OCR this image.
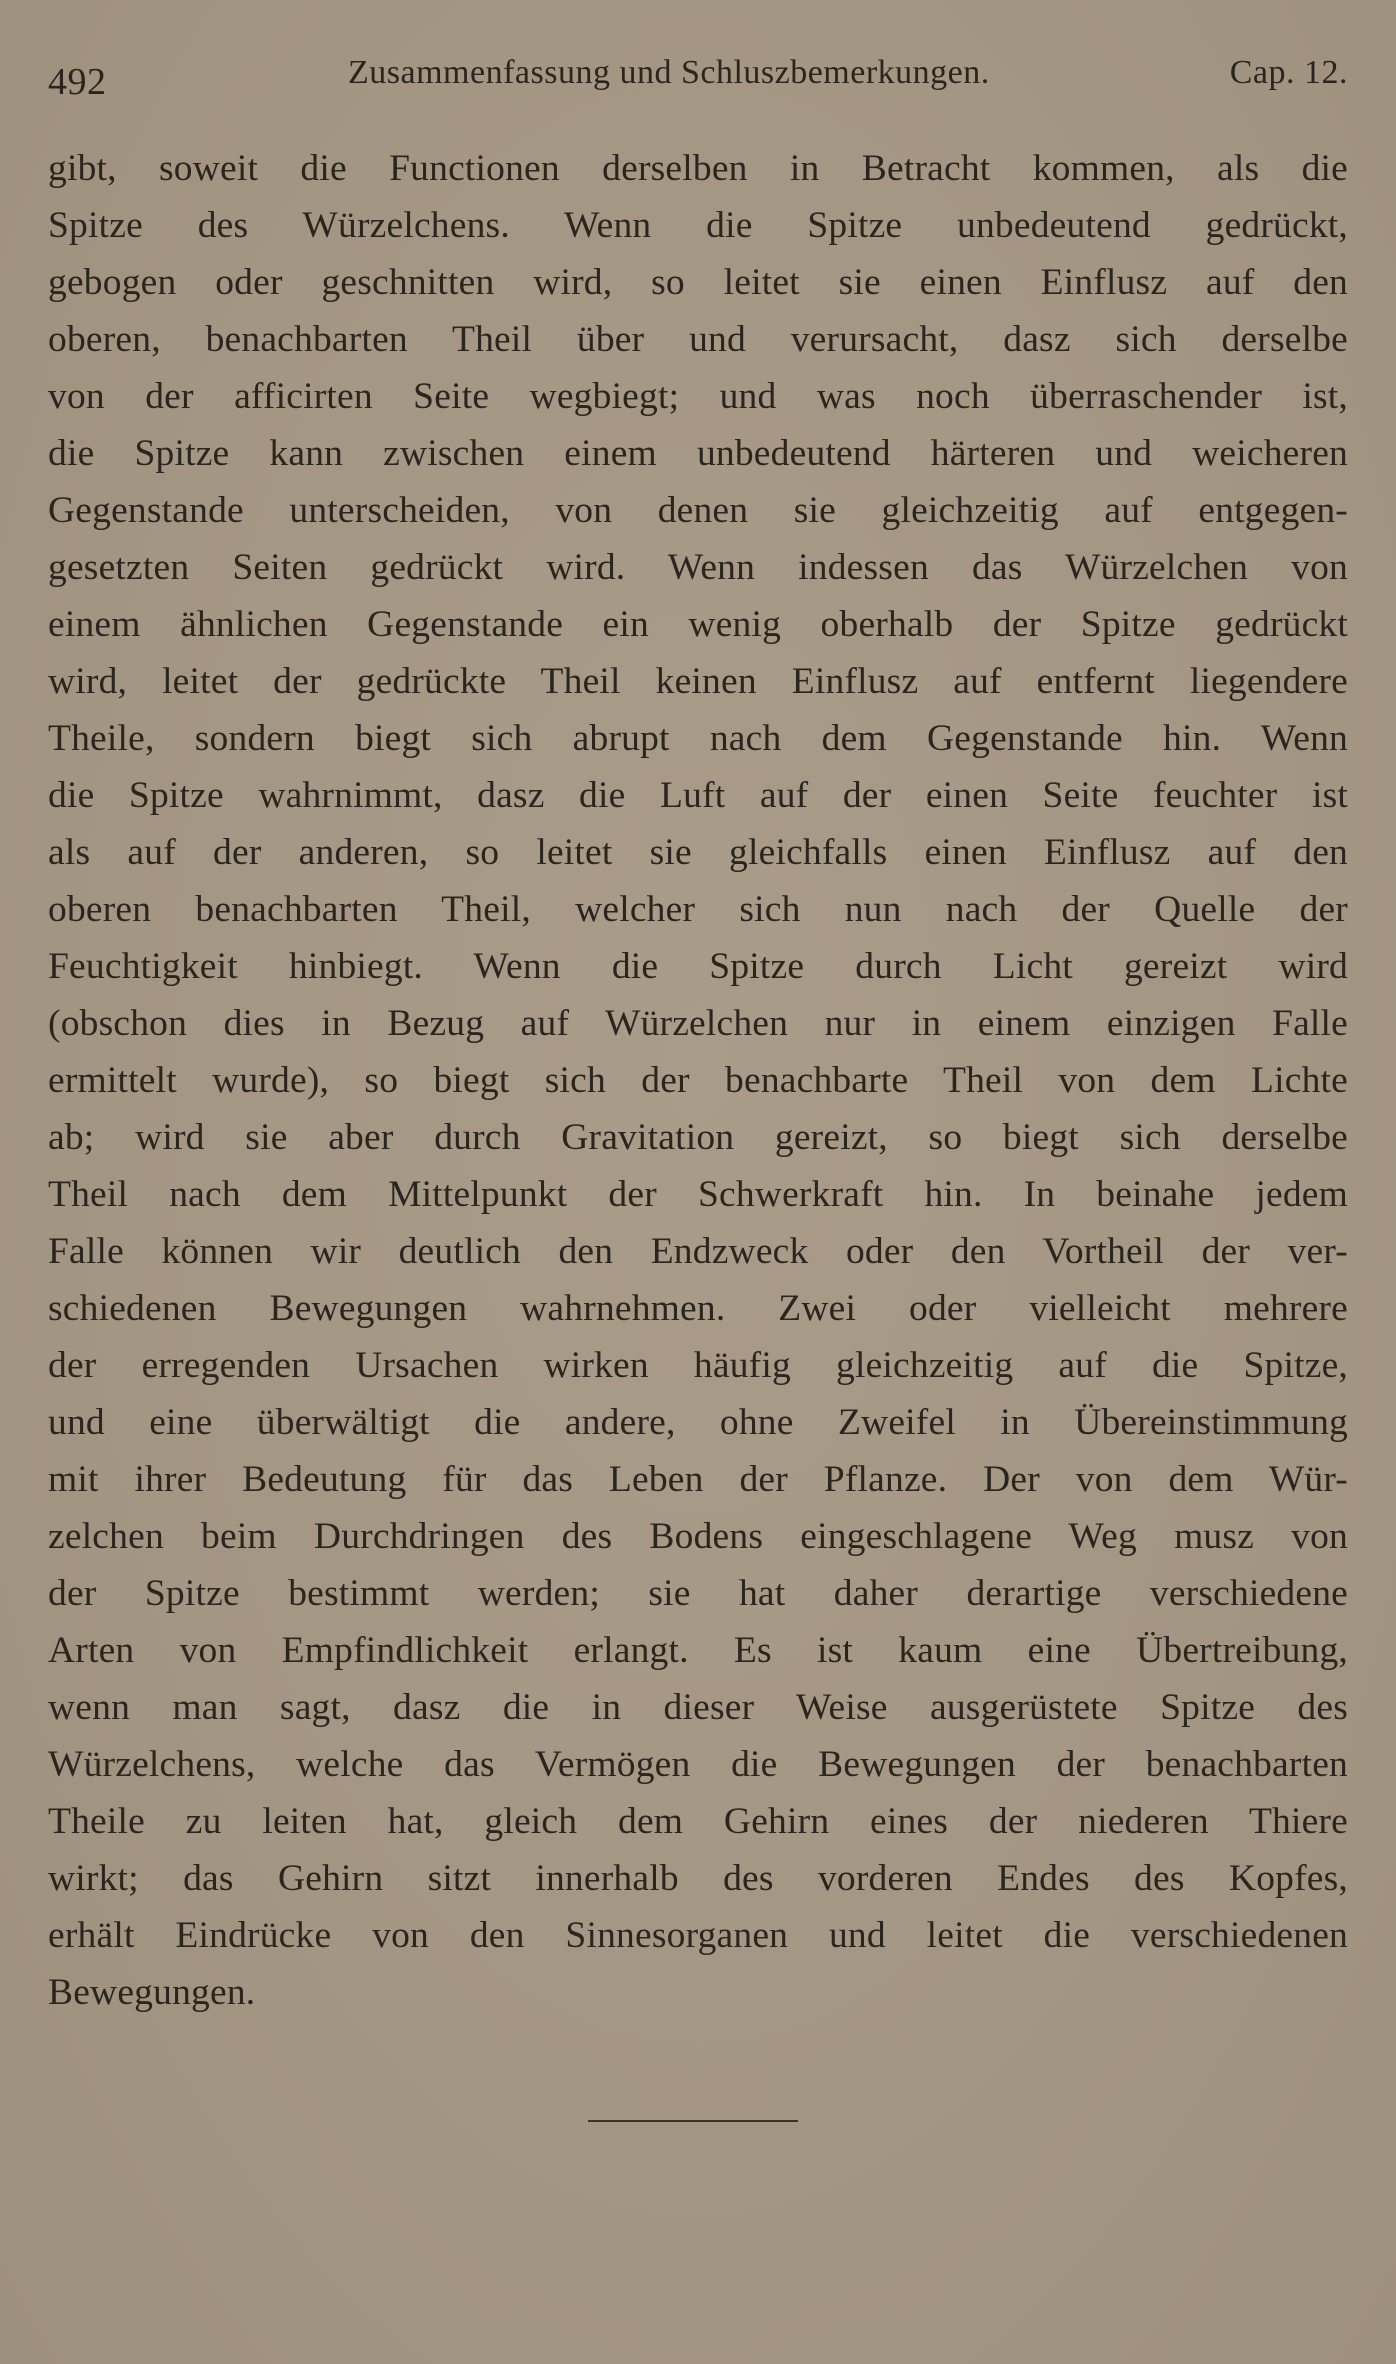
492	Zusammenfassung und Schluszbemerkungen.	Cap. 12.
gibt, soweit die Functionen derselben in Betracht kommen, als die
Spitze des Würzelchens. Wenn die Spitze unbedeutend gedrückt,
gebogen oder geschnitten wird, so leitet sie einen Einflusz auf den
oberen, benachbarten Theil über und verursacht, dasz sich derselbe
von der afficirten Seite wegbiegt; und was noch überraschender ist,
die Spitze kann zwischen einem unbedeutend härteren und weicheren
Gegenstande unterscheiden, von denen sie gleichzeitig auf entgegen-
gesetzten Seiten gedrückt wird. Wenn indessen das Würzelchen von
einem ähnlichen Gegenstande ein wenig oberhalb der Spitze gedrückt
wird, leitet der gedrückte Theil keinen Einflusz auf entfernt liegendere
Theile, sondern biegt sich abrupt nach dem Gegenstande hin. Wenn
die Spitze wahrnimmt, dasz die Luft auf der einen Seite feuchter ist
als auf der anderen, so leitet sie gleichfalls einen Einflusz auf den
oberen benachbarten Theil, welcher sich nun nach der Quelle der
Feuchtigkeit hinbiegt. Wenn die Spitze durch Licht gereizt wird
(obschon dies in Bezug auf Würzelchen nur in einem einzigen Falle
ermittelt wurde), so biegt sich der benachbarte Theil von dem Lichte
ab; wird sie aber durch Gravitation gereizt, so biegt sich derselbe
Theil nach dem Mittelpunkt der Schwerkraft hin. In beinahe jedem
Falle können wir deutlich den Endzweck oder den Vortheil der ver-
schiedenen Bewegungen wahrnehmen. Zwei oder vielleicht mehrere
der erregenden Ursachen wirken häufig gleichzeitig auf die Spitze,
und eine überwältigt die andere, ohne Zweifel in Übereinstimmung
mit ihrer Bedeutung für das Leben der Pflanze. Der von dem Wür-
zelchen beim Durchdringen des Bodens eingeschlagene Weg musz von
der Spitze bestimmt werden; sie hat daher derartige verschiedene
Arten von Empfindlichkeit erlangt. Es ist kaum eine Übertreibung,
wenn man sagt, dasz die in dieser Weise ausgerüstete Spitze des
Würzelchens, welche das Vermögen die Bewegungen der benachbarten
Theile zu leiten hat, gleich dem Gehirn eines der niederen Thiere
wirkt; das Gehirn sitzt innerhalb des vorderen Endes des Kopfes,
erhält Eindrücke von den Sinnesorganen und leitet die verschiedenen
Bewegungen.
